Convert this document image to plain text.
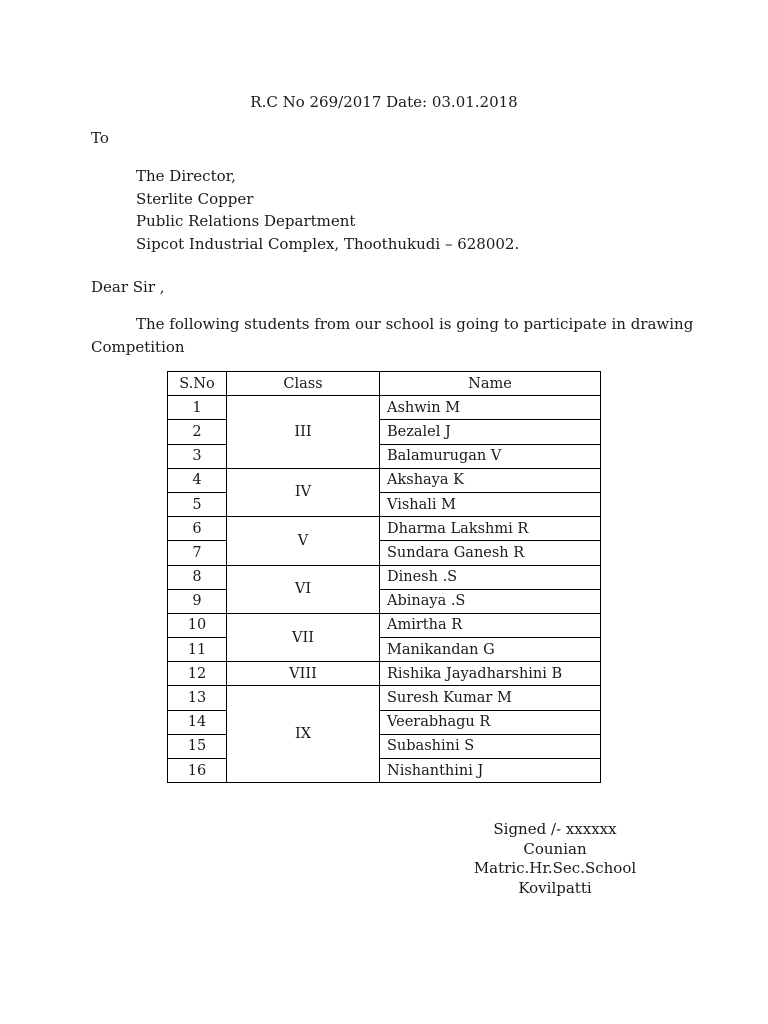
R.C No 269/2017 Date: 03.01.2018
To
The Director,
Sterlite Copper
Public Relations Department
Sipcot Industrial Complex, Thoothukudi – 628002.
Dear Sir ,
The following students from our school is going to participate in drawing
Competition
S.No	Class	Name
1	III	Ashwin M
2		Bezalel J
3		Balamurugan V
4	IV	Akshaya K
5		Vishali M
6	V	Dharma Lakshmi R
7		Sundara Ganesh R
8	VI	Dinesh .S
9		Abinaya .S
10	VII	Amirtha R
11		Manikandan G
12	VIII	Rishika Jayadharshini B
13	IX	Suresh Kumar M
14		Veerabhagu R
15		Subashini S
16		Nishanthini J
Signed /- xxxxxx
Counian Matric.Hr.Sec.School
Kovilpatti
